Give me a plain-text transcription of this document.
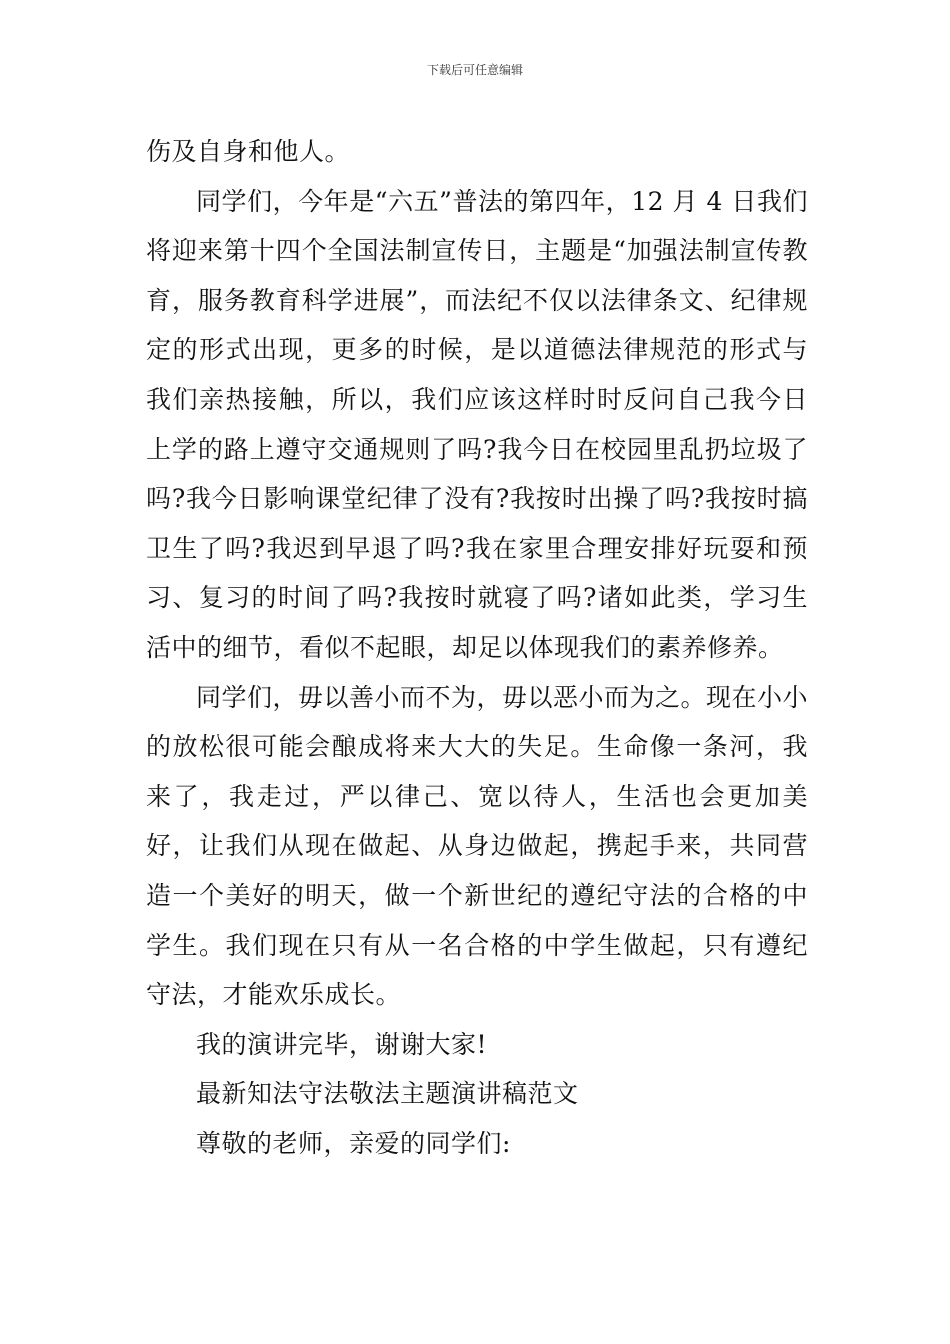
下载后可任意编辑

伤及自身和他人。

同学们，今年是“六五”普法的第四年，12 月 4 日我们将迎来第十四个全国法制宣传日，主题是“加强法制宣传教育，服务教育科学进展”，而法纪不仅以法律条文、纪律规定的形式出现，更多的时候，是以道德法律规范的形式与我们亲热接触，所以，我们应该这样时时反问自己我今日上学的路上遵守交通规则了吗?我今日在校园里乱扔垃圾了吗?我今日影响课堂纪律了没有?我按时出操了吗?我按时搞卫生了吗?我迟到早退了吗?我在家里合理安排好玩耍和预习、复习的时间了吗?我按时就寝了吗?诸如此类，学习生活中的细节，看似不起眼，却足以体现我们的素养修养。

同学们，毋以善小而不为，毋以恶小而为之。现在小小的放松很可能会酿成将来大大的失足。生命像一条河，我来了，我走过，严以律己、宽以待人，生活也会更加美好，让我们从现在做起、从身边做起，携起手来，共同营造一个美好的明天，做一个新世纪的遵纪守法的合格的中学生。我们现在只有从一名合格的中学生做起，只有遵纪守法，才能欢乐成长。

我的演讲完毕，谢谢大家!

最新知法守法敬法主题演讲稿范文

尊敬的老师，亲爱的同学们:
